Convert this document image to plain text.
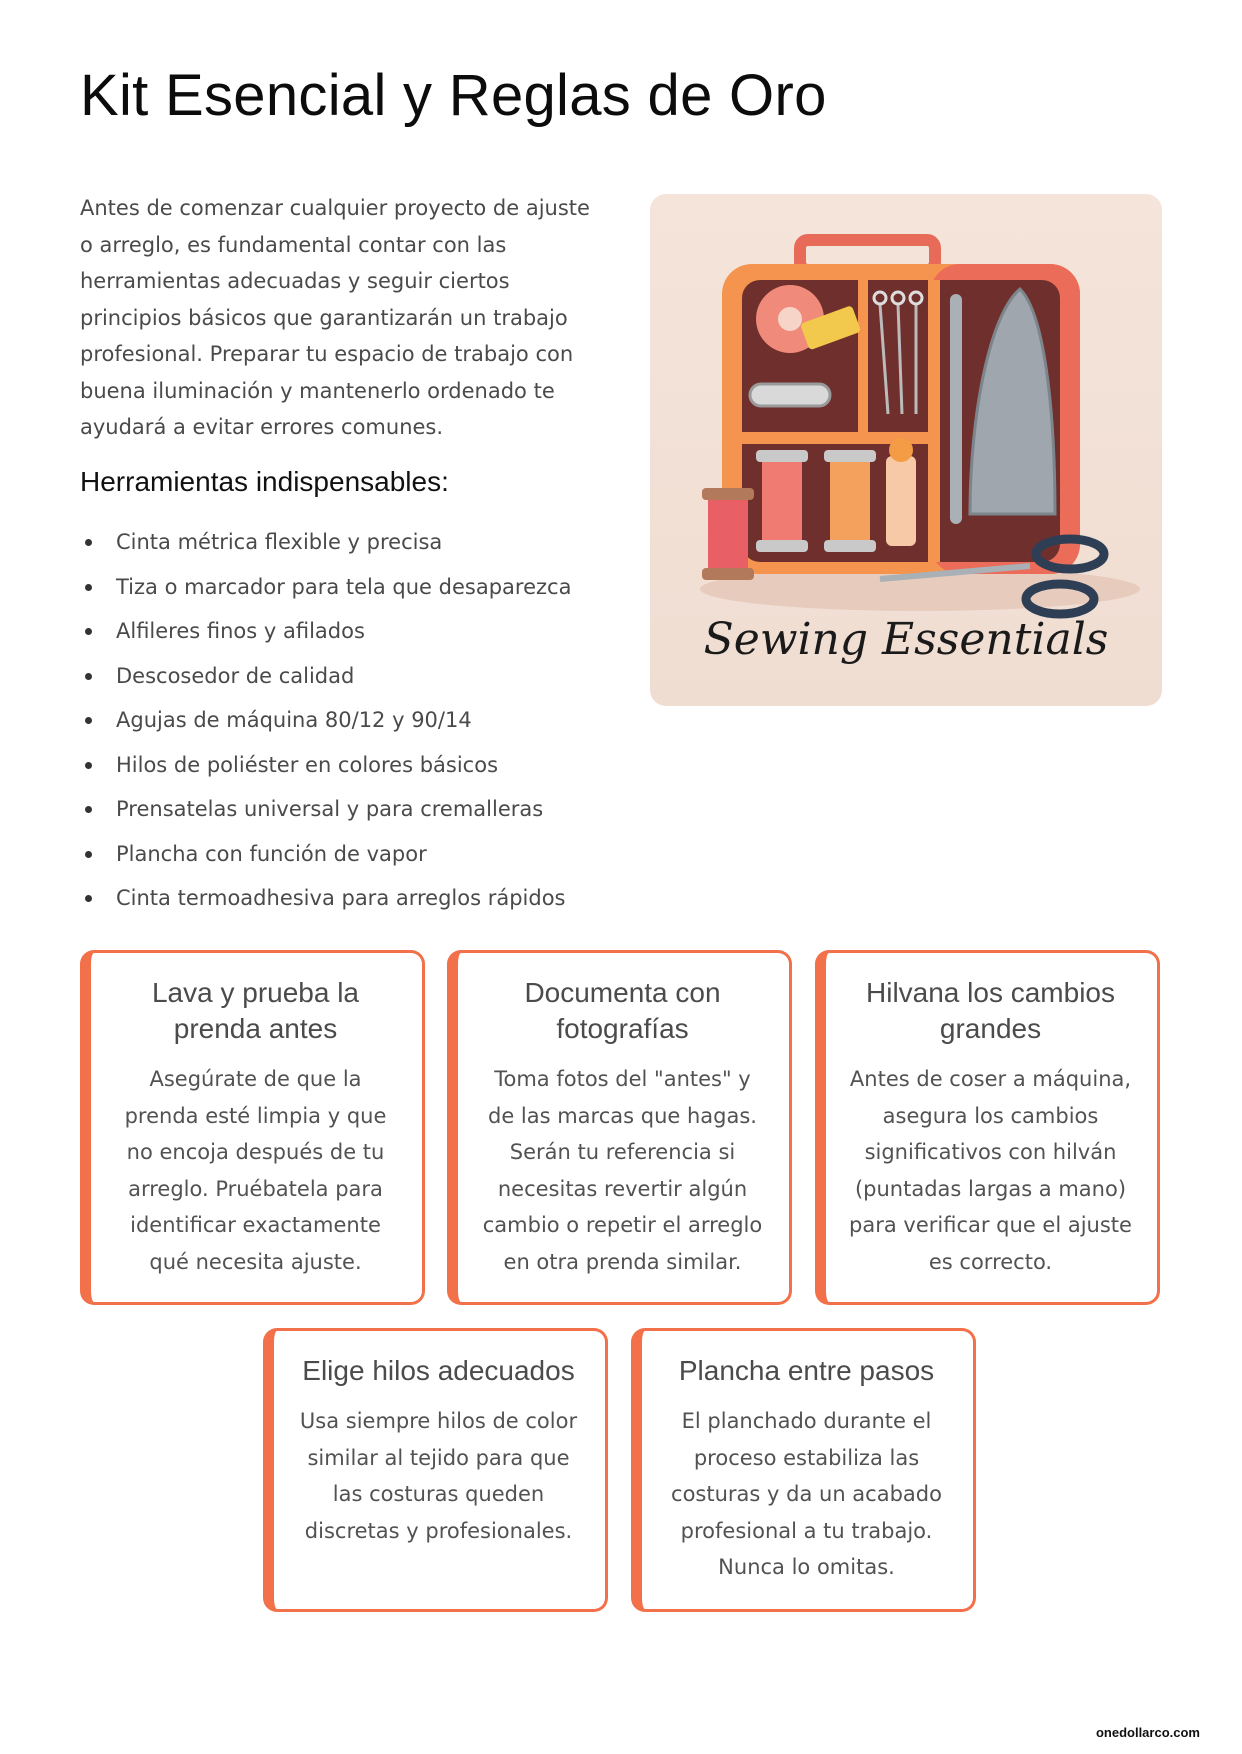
Kit Esencial y Reglas de Oro

Antes de comenzar cualquier proyecto de ajuste o arreglo, es fundamental contar con las herramientas adecuadas y seguir ciertos principios básicos que garantizarán un trabajo profesional. Preparar tu espacio de trabajo con buena iluminación y mantenerlo ordenado te ayudará a evitar errores comunes.

Herramientas indispensables:
Cinta métrica flexible y precisa
Tiza o marcador para tela que desaparezca
Alfileres finos y afilados
Descosedor de calidad
Agujas de máquina 80/12 y 90/14
Hilos de poliéster en colores básicos
Prensatelas universal y para cremalleras
Plancha con función de vapor
Cinta termoadhesiva para arreglos rápidos
Sewing Essentials
Lava y prueba la prenda antes

Asegúrate de que la prenda esté limpia y que no encoja después de tu arreglo. Pruébatela para identificar exactamente qué necesita ajuste.

Documenta con fotografías

Toma fotos del "antes" y de las marcas que hagas. Serán tu referencia si necesitas revertir algún cambio o repetir el arreglo en otra prenda similar.

Hilvana los cambios grandes

Antes de coser a máquina, asegura los cambios significativos con hilván (puntadas largas a mano) para verificar que el ajuste es correcto.

Elige hilos adecuados

Usa siempre hilos de color similar al tejido para que las costuras queden discretas y profesionales.

Plancha entre pasos

El planchado durante el proceso estabiliza las costuras y da un acabado profesional a tu trabajo. Nunca lo omitas.

onedollarco.com
